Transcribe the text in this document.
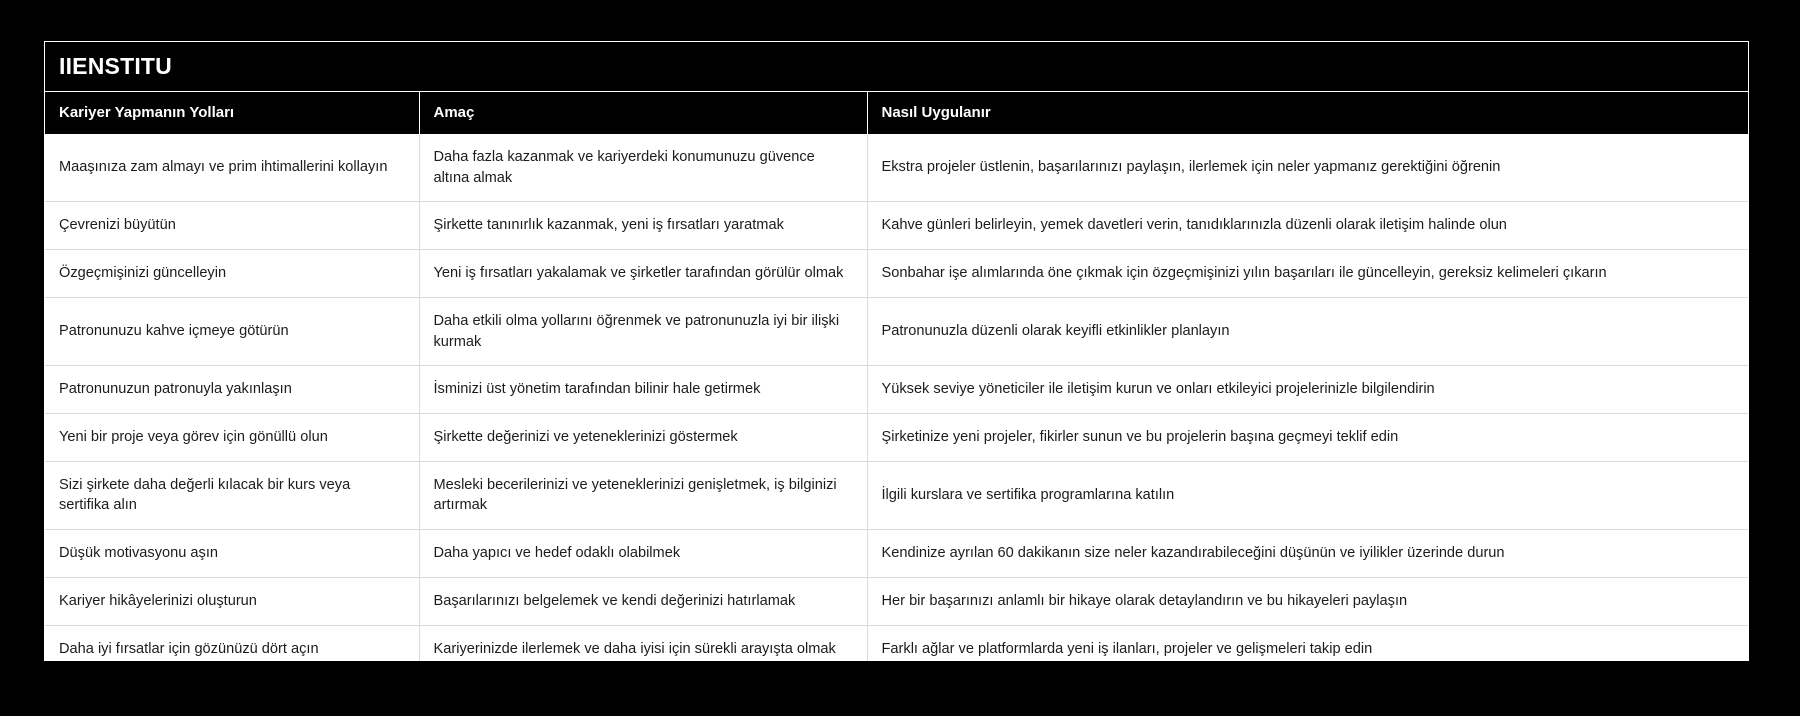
IIENSTITU
Kariyer Yapmanın Yolları	Amaç	Nasıl Uygulanır
Maaşınıza zam almayı ve prim ihtimallerini kollayın	Daha fazla kazanmak ve kariyerdeki konumunuzu güvence altına almak	Ekstra projeler üstlenin, başarılarınızı paylaşın, ilerlemek için neler yapmanız gerektiğini öğrenin
Çevrenizi büyütün	Şirkette tanınırlık kazanmak, yeni iş fırsatları yaratmak	Kahve günleri belirleyin, yemek davetleri verin, tanıdıklarınızla düzenli olarak iletişim halinde olun
Özgeçmişinizi güncelleyin	Yeni iş fırsatları yakalamak ve şirketler tarafından görülür olmak	Sonbahar işe alımlarında öne çıkmak için özgeçmişinizi yılın başarıları ile güncelleyin, gereksiz kelimeleri çıkarın
Patronunuzu kahve içmeye götürün	Daha etkili olma yollarını öğrenmek ve patronunuzla iyi bir ilişki kurmak	Patronunuzla düzenli olarak keyifli etkinlikler planlayın
Patronunuzun patronuyla yakınlaşın	İsminizi üst yönetim tarafından bilinir hale getirmek	Yüksek seviye yöneticiler ile iletişim kurun ve onları etkileyici projelerinizle bilgilendirin
Yeni bir proje veya görev için gönüllü olun	Şirkette değerinizi ve yeteneklerinizi göstermek	Şirketinize yeni projeler, fikirler sunun ve bu projelerin başına geçmeyi teklif edin
Sizi şirkete daha değerli kılacak bir kurs veya sertifika alın	Mesleki becerilerinizi ve yeteneklerinizi genişletmek, iş bilginizi artırmak	İlgili kurslara ve sertifika programlarına katılın
Düşük motivasyonu aşın	Daha yapıcı ve hedef odaklı olabilmek	Kendinize ayrılan 60 dakikanın size neler kazandırabileceğini düşünün ve iyilikler üzerinde durun
Kariyer hikâyelerinizi oluşturun	Başarılarınızı belgelemek ve kendi değerinizi hatırlamak	Her bir başarınızı anlamlı bir hikaye olarak detaylandırın ve bu hikayeleri paylaşın
Daha iyi fırsatlar için gözünüzü dört açın	Kariyerinizde ilerlemek ve daha iyisi için sürekli arayışta olmak	Farklı ağlar ve platformlarda yeni iş ilanları, projeler ve gelişmeleri takip edin
